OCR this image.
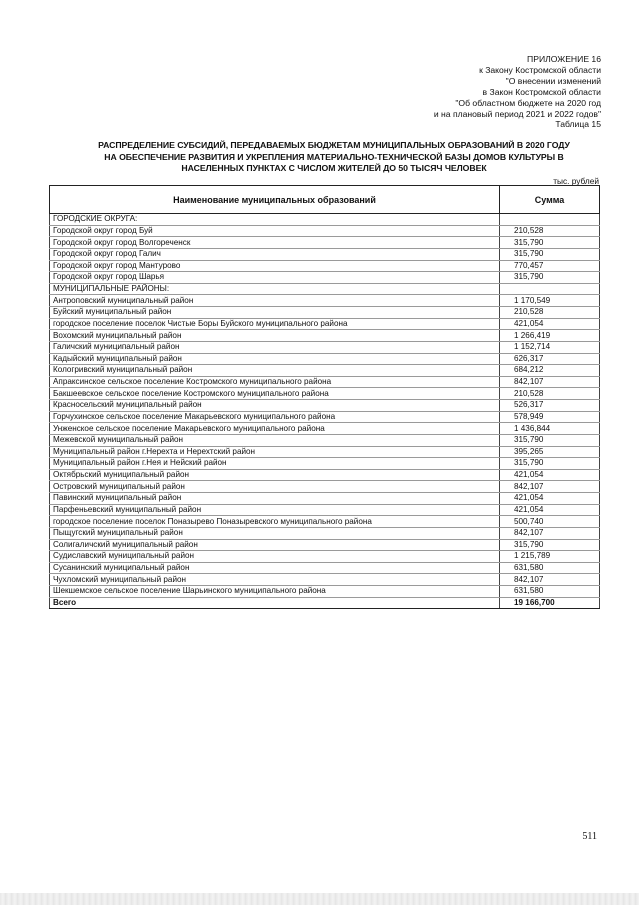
ПРИЛОЖЕНИЕ 16
к Закону Костромской области
"О внесении изменений
в Закон Костромской области
"Об областном бюджете на 2020 год
и на плановый период 2021 и 2022 годов"
Таблица 15
РАСПРЕДЕЛЕНИЕ СУБСИДИЙ, ПЕРЕДАВАЕМЫХ БЮДЖЕТАМ МУНИЦИПАЛЬНЫХ ОБРАЗОВАНИЙ В 2020 ГОДУ
НА ОБЕСПЕЧЕНИЕ РАЗВИТИЯ И УКРЕПЛЕНИЯ МАТЕРИАЛЬНО-ТЕХНИЧЕСКОЙ БАЗЫ ДОМОВ КУЛЬТУРЫ В
НАСЕЛЕННЫХ ПУНКТАХ С ЧИСЛОМ ЖИТЕЛЕЙ ДО 50 ТЫСЯЧ ЧЕЛОВЕК
тыс. рублей
Наименование муниципальных образований	Сумма
ГОРОДСКИЕ ОКРУГА:	
Городской округ город Буй	210,528
Городской округ город Волгореченск	315,790
Городской округ город Галич	315,790
Городской округ город Мантурово	770,457
Городской округ город Шарья	315,790
МУНИЦИПАЛЬНЫЕ РАЙОНЫ:	
Антроповский муниципальный район	1 170,549
Буйский муниципальный район	210,528
городское поселение поселок Чистые Боры Буйского муниципального района	421,054
Вохомский муниципальный район	1 266,419
Галичский муниципальный район	1 152,714
Кадыйский муниципальный район	626,317
Кологривский муниципальный район	684,212
Апраксинское сельское поселение Костромского муниципального района	842,107
Бакшеевское сельское поселение Костромского муниципального района	210,528
Красносельский муниципальный район	526,317
Горчухинское сельское поселение Макарьевского муниципального района	578,949
Унженское сельское поселение Макарьевского муниципального района	1 436,844
Межевской муниципальный район	315,790
Муниципальный район г.Нерехта и Нерехтский район	395,265
Муниципальный район г.Нея и Нейский район	315,790
Октябрьский муниципальный район	421,054
Островский муниципальный район	842,107
Павинский муниципальный район	421,054
Парфеньевский муниципальный район	421,054
городское поселение поселок Поназырево Поназыревского муниципального района	500,740
Пыщугский муниципальный район	842,107
Солигаличский муниципальный район	315,790
Судиславский муниципальный район	1 215,789
Сусанинский муниципальный район	631,580
Чухломский муниципальный район	842,107
Шекшемское сельское поселение Шарьинского муниципального района	631,580
Всего	19 166,700
511
